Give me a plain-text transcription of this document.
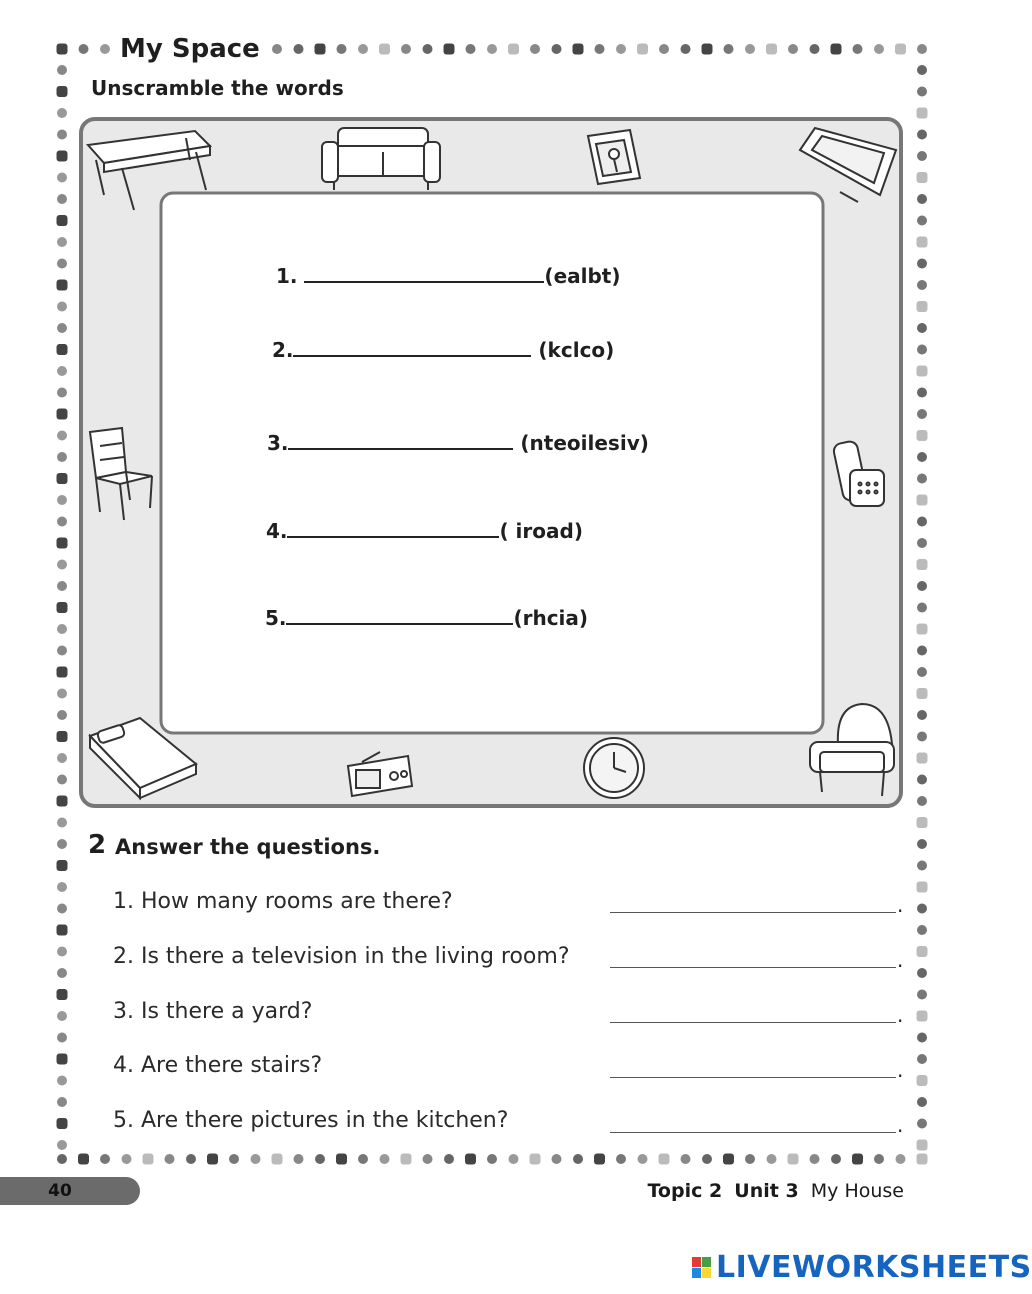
My Space
Unscramble the words

1.	(ealbt)

2.	(kclco)

3.	(nteoilesiv)

4.	( iroad)

5.	(rhcia)

2 Answer the questions.
1. How many rooms are there?	.
2. Is there a television in the living room?	.
3. Is there a yard?	.
4. Are there stairs?	.
5. Are there pictures in the kitchen?	.
40	Topic 2 Unit 3 My House
LIVEWORKSHEETS
